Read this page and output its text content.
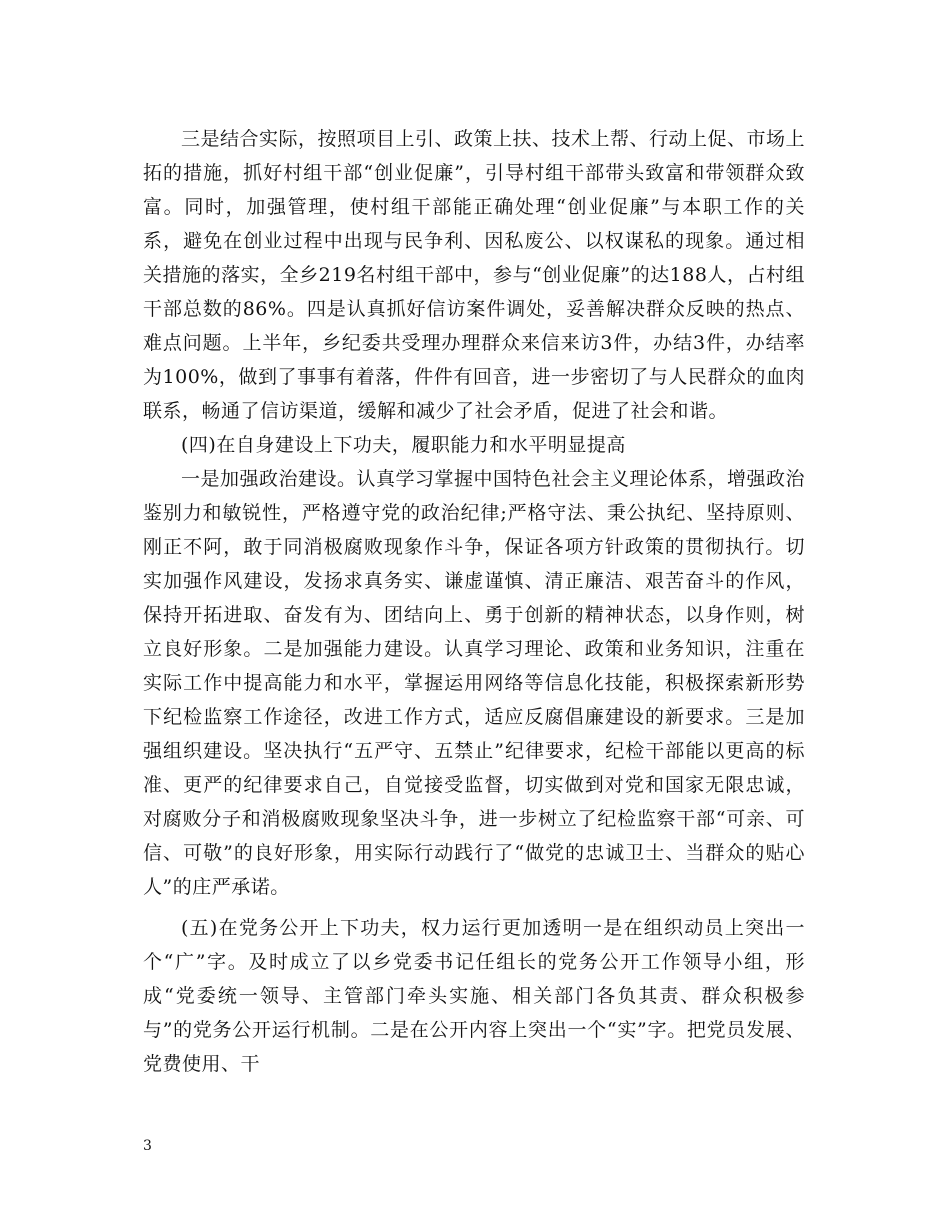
三是结合实际，按照项目上引、政策上扶、技术上帮、行动上促、市场上拓的措施，抓好村组干部“创业促廉”，引导村组干部带头致富和带领群众致富。同时，加强管理，使村组干部能正确处理“创业促廉”与本职工作的关系，避免在创业过程中出现与民争利、因私废公、以权谋私的现象。通过相关措施的落实，全乡219名村组干部中，参与“创业促廉”的达188人，占村组干部总数的86%。四是认真抓好信访案件调处，妥善解决群众反映的热点、难点问题。上半年，乡纪委共受理办理群众来信来访3件，办结3件，办结率为100%，做到了事事有着落，件件有回音，进一步密切了与人民群众的血肉联系，畅通了信访渠道，缓解和减少了社会矛盾，促进了社会和谐。

(四)在自身建设上下功夫，履职能力和水平明显提高

一是加强政治建设。认真学习掌握中国特色社会主义理论体系，增强政治鉴别力和敏锐性，严格遵守党的政治纪律;严格守法、秉公执纪、坚持原则、刚正不阿，敢于同消极腐败现象作斗争，保证各项方针政策的贯彻执行。切实加强作风建设，发扬求真务实、谦虚谨慎、清正廉洁、艰苦奋斗的作风，保持开拓进取、奋发有为、团结向上、勇于创新的精神状态，以身作则，树立良好形象。二是加强能力建设。认真学习理论、政策和业务知识，注重在实际工作中提高能力和水平，掌握运用网络等信息化技能，积极探索新形势下纪检监察工作途径，改进工作方式，适应反腐倡廉建设的新要求。三是加强组织建设。坚决执行“五严守、五禁止”纪律要求，纪检干部能以更高的标准、更严的纪律要求自己，自觉接受监督，切实做到对党和国家无限忠诚，对腐败分子和消极腐败现象坚决斗争，进一步树立了纪检监察干部“可亲、可信、可敬”的良好形象，用实际行动践行了“做党的忠诚卫士、当群众的贴心人”的庄严承诺。

(五)在党务公开上下功夫，权力运行更加透明一是在组织动员上突出一个“广”字。及时成立了以乡党委书记任组长的党务公开工作领导小组，形成“党委统一领导、主管部门牵头实施、相关部门各负其责、群众积极参与”的党务公开运行机制。二是在公开内容上突出一个“实”字。把党员发展、党费使用、干

3
